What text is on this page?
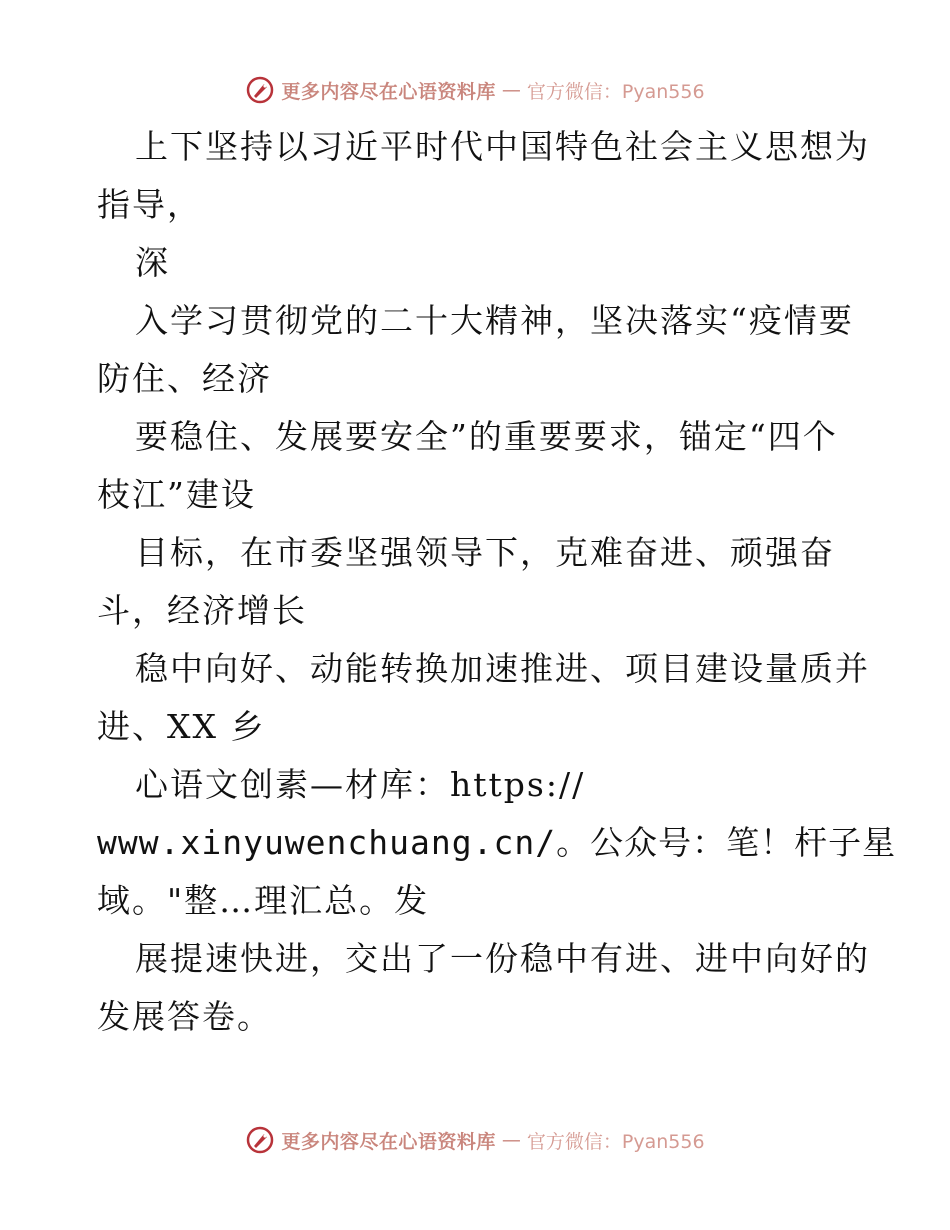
更多内容尽在心语资料库 — 官方微信：Pyan556
上下坚持以习近平时代中国特色社会主义思想为
指导，
深
入学习贯彻党的二十大精神，坚决落实“疫情要
防住、经济
要稳住、发展要安全”的重要要求，锚定“四个
枝江”建设
目标，在市委坚强领导下，克难奋进、顽强奋
斗，经济增长
稳中向好、动能转换加速推进、项目建设量质并
进、XX 乡
心语文创素—材库：https://
www.xinyuwenchuang.cn/。公众号：笔！杆子星
域。"整…理汇总。发
展提速快进，交出了一份稳中有进、进中向好的
发展答卷。
更多内容尽在心语资料库 — 官方微信：Pyan556
